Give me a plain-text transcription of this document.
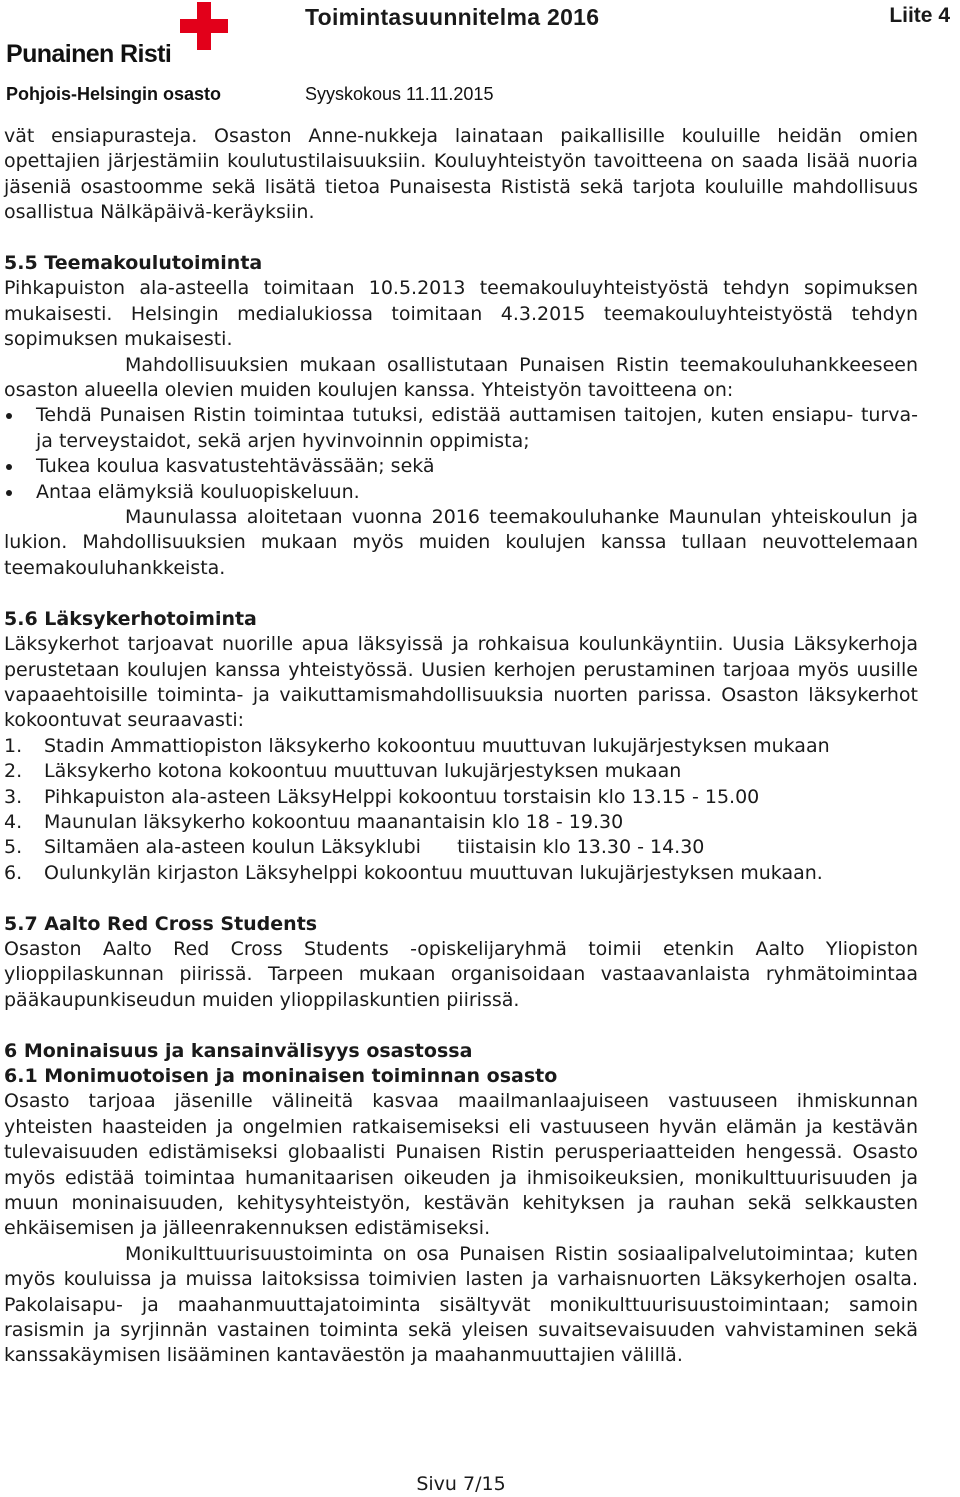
Punainen Risti
Toimintasuunnitelma 2016	Liite 4
Pohjois-Helsingin osasto	Syyskokous 11.11.2015

vät ensiapurasteja. Osaston Anne-nukkeja lainataan paikallisille kouluille heidän omien opettajien järjestämiin koulutustilaisuuksiin. Kouluyhteistyön tavoitteena on saada lisää nuoria jäseniä osastoomme sekä lisätä tietoa Punaisesta Rististä sekä tarjota kouluille mahdollisuus osallistua Nälkäpäivä-keräyksiin.

5.5 Teemakoulutoiminta

Pihkapuiston ala-asteella toimitaan 10.5.2013 teemakouluyhteistyöstä tehdyn sopimuksen mukaisesti. Helsingin medialukiossa toimitaan 4.3.2015 teemakouluyhteistyöstä tehdyn sopimuksen mukaisesti.

Mahdollisuuksien mukaan osallistutaan Punaisen Ristin teemakouluhankkeeseen osaston alueella olevien muiden koulujen kanssa. Yhteistyön tavoitteena on:

Tehdä Punaisen Ristin toimintaa tutuksi, edistää auttamisen taitojen, kuten ensiapu- turva- ja terveystaidot, sekä arjen hyvinvoinnin oppimista;
Tukea koulua kasvatustehtävässään; sekä
Antaa elämyksiä kouluopiskeluun.

Maunulassa aloitetaan vuonna 2016 teemakouluhanke Maunulan yhteiskoulun ja lukion. Mahdollisuuksien mukaan myös muiden koulujen kanssa tullaan neuvottelemaan teemakouluhankkeista.

5.6 Läksykerhotoiminta

Läksykerhot tarjoavat nuorille apua läksyissä ja rohkaisua koulunkäyntiin. Uusia Läksykerhoja perustetaan koulujen kanssa yhteistyössä. Uusien kerhojen perustaminen tarjoaa myös uusille vapaaehtoisille toiminta- ja vaikuttamismahdollisuuksia nuorten parissa. Osaston läksykerhot kokoontuvat seuraavasti:

1.	Stadin Ammattiopiston läksykerho kokoontuu muuttuvan lukujärjestyksen mukaan
2.	Läksykerho kotona kokoontuu muuttuvan lukujärjestyksen mukaan
3.	Pihkapuiston ala-asteen LäksyHelppi kokoontuu torstaisin klo 13.15 - 15.00
4.	Maunulan läksykerho kokoontuu maanantaisin klo 18 - 19.30
5.	Siltamäen ala-asteen koulun Läksyklubi      tiistaisin klo 13.30 - 14.30
6.	Oulunkylän kirjaston Läksyhelppi kokoontuu muuttuvan lukujärjestyksen mukaan.
5.7 Aalto Red Cross Students

Osaston Aalto Red Cross Students -opiskelijaryhmä toimii etenkin Aalto Yliopiston ylioppilaskunnan piirissä. Tarpeen mukaan organisoidaan vastaavanlaista ryhmätoimintaa pääkaupunkiseudun muiden ylioppilaskuntien piirissä.

6 Moninaisuus ja kansainvälisyys osastossa
6.1 Monimuotoisen ja moninaisen toiminnan osasto

Osasto tarjoaa jäsenille välineitä kasvaa maailmanlaajuiseen vastuuseen ihmiskunnan yhteisten haasteiden ja ongelmien ratkaisemiseksi eli vastuuseen hyvän elämän ja kestävän tulevaisuuden edistämiseksi globaalisti Punaisen Ristin perusperiaatteiden hengessä. Osasto myös edistää toimintaa humanitaarisen oikeuden ja ihmisoikeuksien, monikulttuurisuuden ja muun moninaisuuden, kehitysyhteistyön, kestävän kehityksen ja rauhan sekä selkkausten ehkäisemisen ja jälleenrakennuksen edistämiseksi.

Monikulttuurisuustoiminta on osa Punaisen Ristin sosiaalipalvelutoimintaa; kuten myös kouluissa ja muissa laitoksissa toimivien lasten ja varhaisnuorten Läksykerhojen osalta. Pakolaisapu- ja maahanmuuttajatoiminta sisältyvät monikulttuurisuustoimintaan; samoin rasismin ja syrjinnän vastainen toiminta sekä yleisen suvaitsevaisuuden vahvistaminen sekä kanssakäymisen lisääminen kantaväestön ja maahanmuuttajien välillä.

Sivu 7/15
